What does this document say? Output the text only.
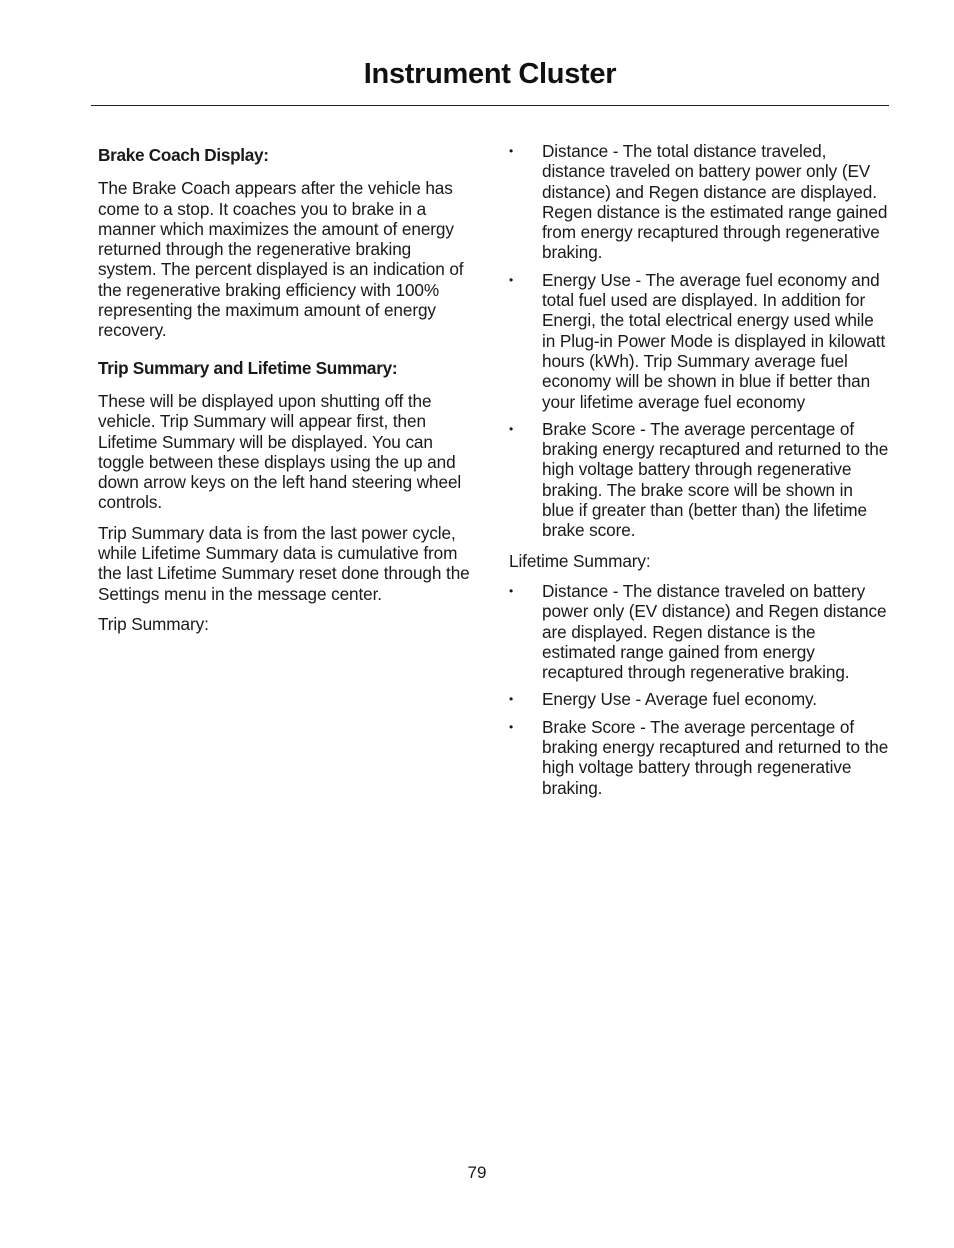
Instrument Cluster
Brake Coach Display:

The Brake Coach appears after the vehicle has come to a stop. It coaches you to brake in a manner which maximizes the amount of energy returned through the regenerative braking system. The percent displayed is an indication of the regenerative braking efficiency with 100% representing the maximum amount of energy recovery.

Trip Summary and Lifetime Summary:

These will be displayed upon shutting off the vehicle. Trip Summary will appear first, then Lifetime Summary will be displayed. You can toggle between these displays using the up and down arrow keys on the left hand steering wheel controls.

Trip Summary data is from the last power cycle, while Lifetime Summary data is cumulative from the last Lifetime Summary reset done through the Settings menu in the message center.

Trip Summary:

• Distance - The total distance traveled, distance traveled on battery power only (EV distance) and Regen distance are displayed. Regen distance is the estimated range gained from energy recaptured through regenerative braking.
• Energy Use - The average fuel economy and total fuel used are displayed. In addition for Energi, the total electrical energy used while in Plug-in Power Mode is displayed in kilowatt hours (kWh). Trip Summary average fuel economy will be shown in blue if better than your lifetime average fuel economy
• Brake Score - The average percentage of braking energy recaptured and returned to the high voltage battery through regenerative braking. The brake score will be shown in blue if greater than (better than) the lifetime brake score.

Lifetime Summary:

• Distance - The distance traveled on battery power only (EV distance) and Regen distance are displayed. Regen distance is the estimated range gained from energy recaptured through regenerative braking.
• Energy Use - Average fuel economy.
• Brake Score - The average percentage of braking energy recaptured and returned to the high voltage battery through regenerative braking.
79
